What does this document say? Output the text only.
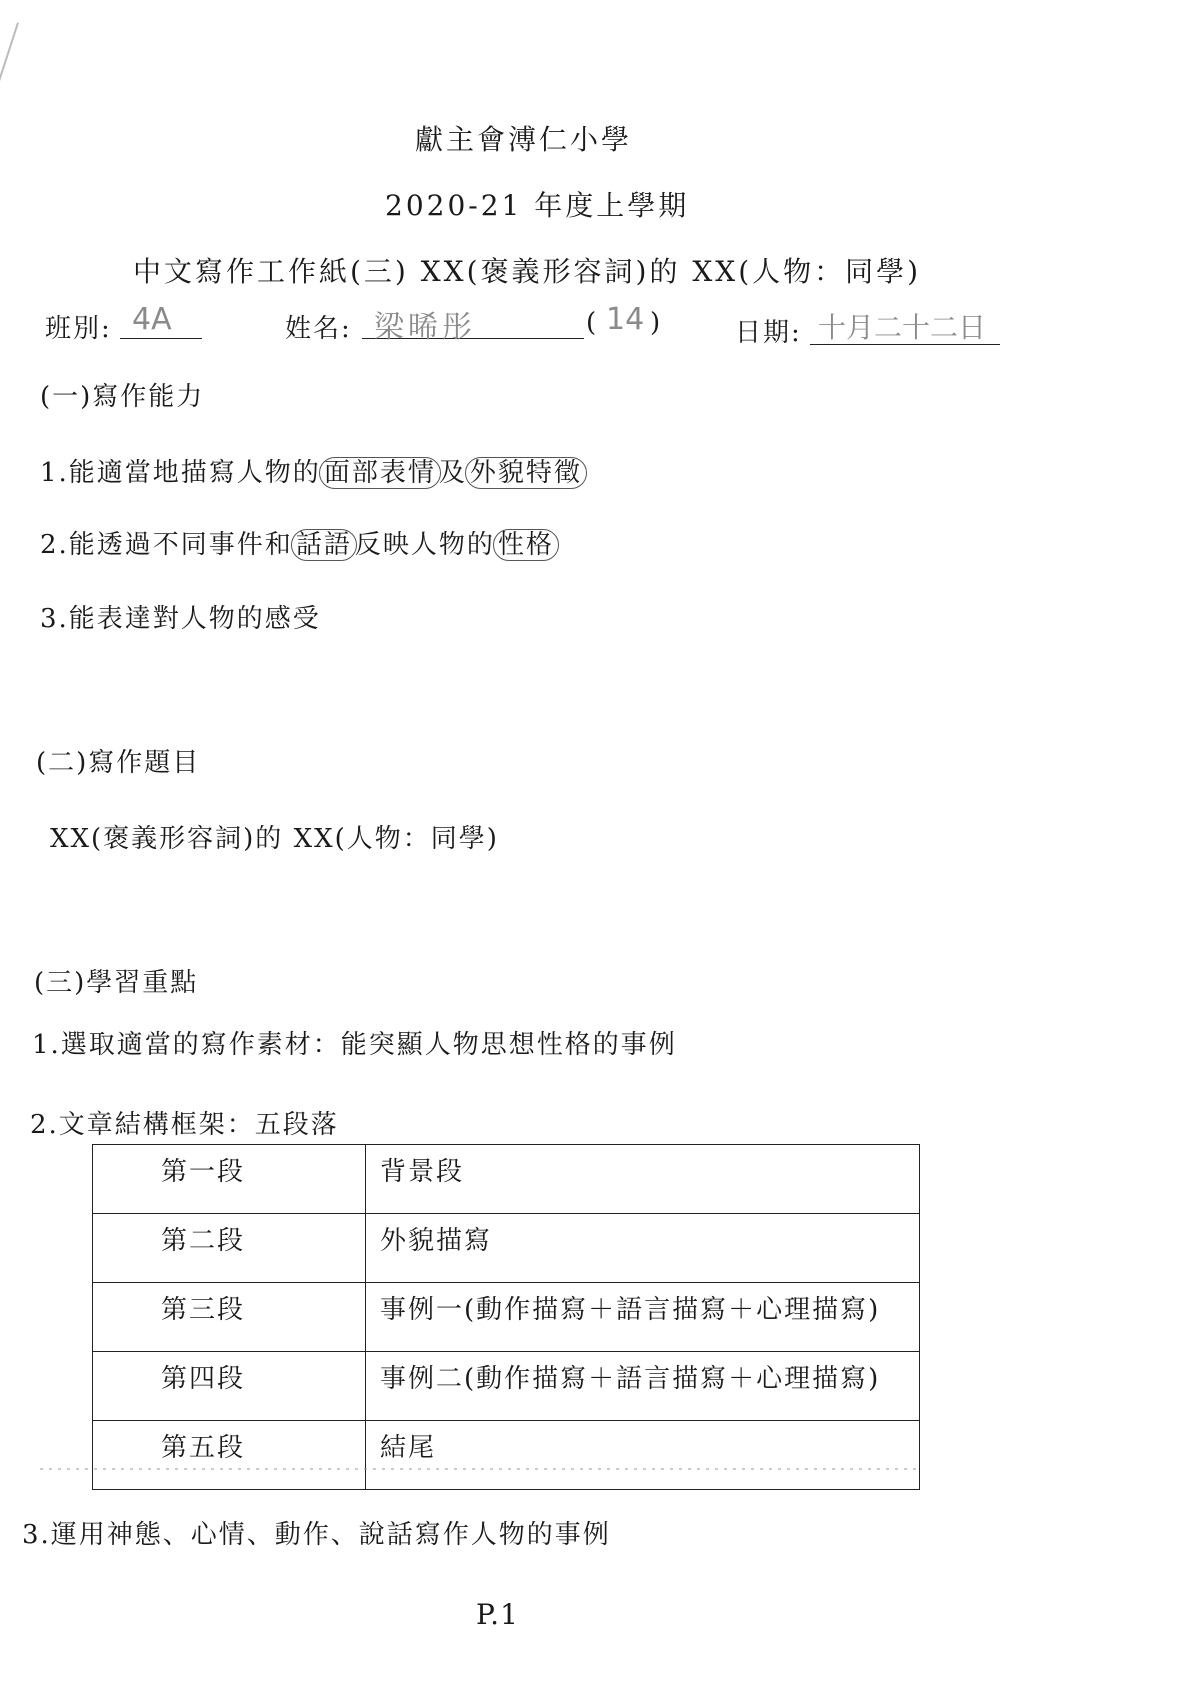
獻主會溥仁小學
2020-21 年度上學期
中文寫作工作紙(三) XX(褒義形容詞)的 XX(人物：同學)
班別: 4A	姓名: 梁晞彤	( 14 )	日期: 十月二十二日
(一)寫作能力
1.能適當地描寫人物的 面部表情 及 外貌特徵
2.能透過不同事件和 話語 反映人物的 性格
3.能表達對人物的感受
(二)寫作題目
XX(褒義形容詞)的 XX(人物：同學)
(三)學習重點
1.選取適當的寫作素材：能突顯人物思想性格的事例
2.文章結構框架：五段落
第一段	背景段
第二段	外貌描寫
第三段	事例一(動作描寫＋語言描寫＋心理描寫)
第四段	事例二(動作描寫＋語言描寫＋心理描寫)
第五段	結尾
3.運用神態、心情、動作、說話寫作人物的事例
P.1
